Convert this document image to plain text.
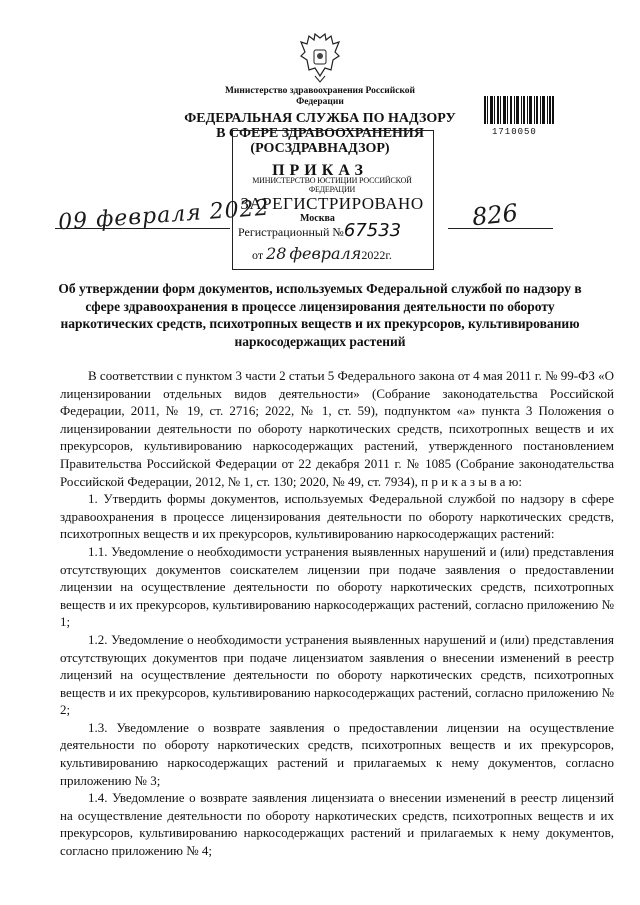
Министерство здравоохранения Российской Федерации
ФЕДЕРАЛЬНАЯ СЛУЖБА ПО НАДЗОРУ
В СФЕРЕ ЗДРАВООХРАНЕНИЯ
(РОСЗДРАВНАДЗОР)
1710050
ПРИКАЗ
МИНИСТЕРСТВО ЮСТИЦИИ РОССИЙСКОЙ ФЕДЕРАЦИИ
ЗАРЕГИСТРИРОВАНО
Москва
Регистрационный №67533
от 28 февраля2022г.
09 февраля 2022	826
Об утверждении форм документов, используемых Федеральной службой по надзору в сфере здравоохранения в процессе лицензирования деятельности по обороту наркотических средств, психотропных веществ и их прекурсоров, культивированию наркосодержащих растений

В соответствии с пунктом 3 части 2 статьи 5 Федерального закона от 4 мая 2011 г. № 99-ФЗ «О лицензировании отдельных видов деятельности» (Собрание законодательства Российской Федерации, 2011, № 19, ст. 2716; 2022, № 1, ст. 59), подпунктом «а» пункта 3 Положения о лицензировании деятельности по обороту наркотических средств, психотропных веществ и их прекурсоров, культивированию наркосодержащих растений, утвержденного постановлением Правительства Российской Федерации от 22 декабря 2011 г. № 1085 (Собрание законодательства Российской Федерации, 2012, № 1, ст. 130; 2020, № 49, ст. 7934), п р и к а з ы в а ю:

1. Утвердить формы документов, используемых Федеральной службой по надзору в сфере здравоохранения в процессе лицензирования деятельности по обороту наркотических средств, психотропных веществ и их прекурсоров, культивированию наркосодержащих растений:

1.1. Уведомление о необходимости устранения выявленных нарушений и (или) представления отсутствующих документов соискателем лицензии при подаче заявления о предоставлении лицензии на осуществление деятельности по обороту наркотических средств, психотропных веществ и их прекурсоров, культивированию наркосодержащих растений, согласно приложению № 1;

1.2. Уведомление о необходимости устранения выявленных нарушений и (или) представления отсутствующих документов при подаче лицензиатом заявления о внесении изменений в реестр лицензий на осуществление деятельности по обороту наркотических средств, психотропных веществ и их прекурсоров, культивированию наркосодержащих растений, согласно приложению № 2;

1.3. Уведомление о возврате заявления о предоставлении лицензии на осуществление деятельности по обороту наркотических средств, психотропных веществ и их прекурсоров, культивированию наркосодержащих растений и прилагаемых к нему документов, согласно приложению № 3;

1.4. Уведомление о возврате заявления лицензиата о внесении изменений в реестр лицензий на осуществление деятельности по обороту наркотических средств, психотропных веществ и их прекурсоров, культивированию наркосодержащих растений и прилагаемых к нему документов, согласно приложению № 4;
